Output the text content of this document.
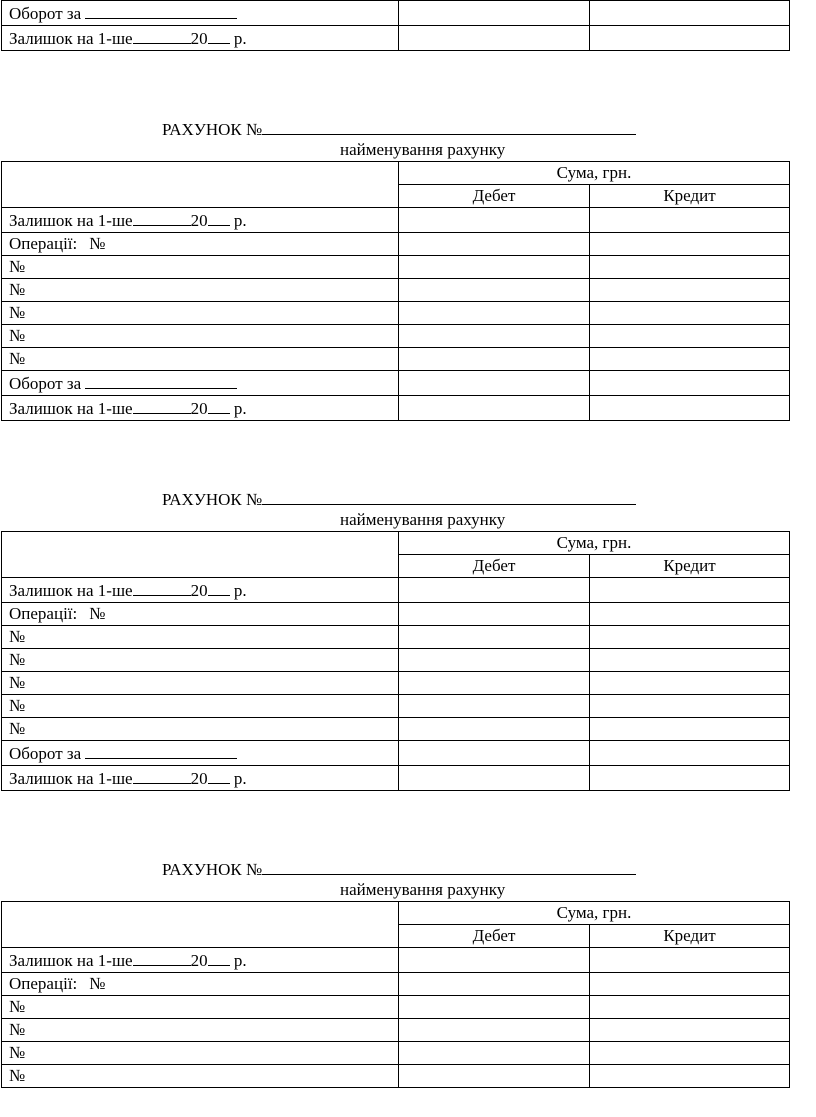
Оборот за		
Залишок на 1-ше 20 р.		
РАХУНОК №
найменування рахунку
	Сума, грн.	
	Дебет	Кредит
Залишок на 1-ше 20 р.		
Операції: №		
№		
№		
№		
№		
№		
Оборот за		
Залишок на 1-ше 20 р.		
РАХУНОК №
найменування рахунку
	Сума, грн.	
	Дебет	Кредит
Залишок на 1-ше 20 р.		
Операції: №		
№		
№		
№		
№		
№		
Оборот за		
Залишок на 1-ше 20 р.		
РАХУНОК №
найменування рахунку
	Сума, грн.	
	Дебет	Кредит
Залишок на 1-ше 20 р.		
Операції: №		
№		
№		
№		
№		
